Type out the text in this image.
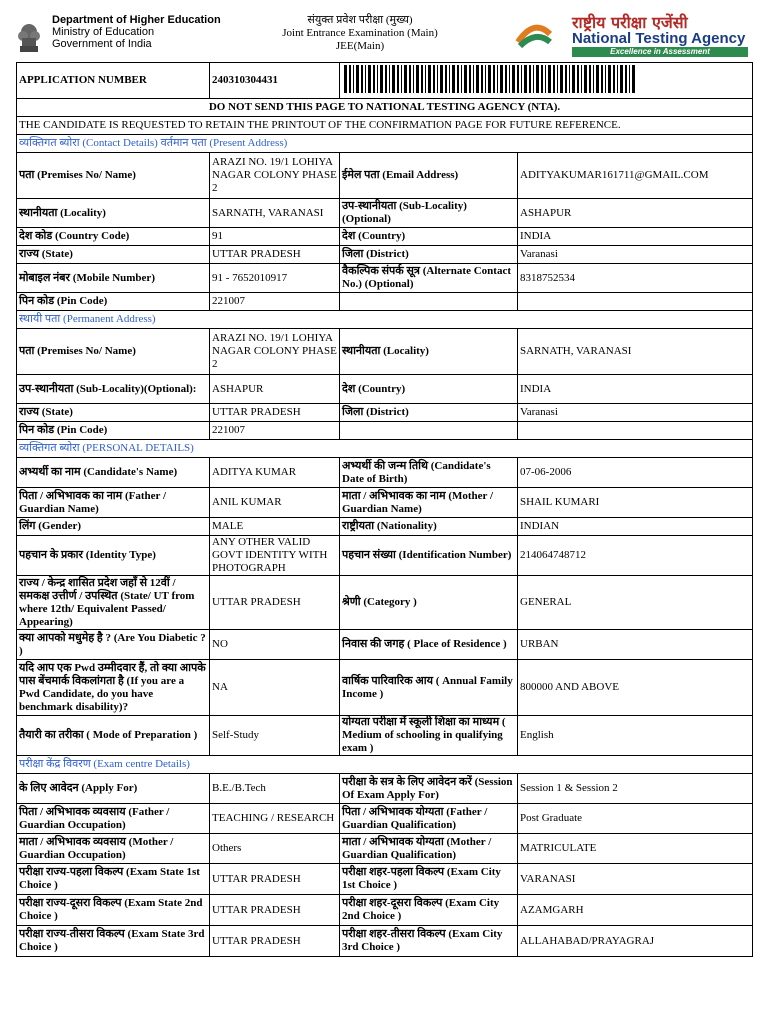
Department of Higher Education
Ministry of Education
Government of India
संयुक्त प्रवेश परीक्षा (मुख्य)
Joint Entrance Examination (Main)
JEE(Main)
राष्ट्रीय परीक्षा एजेंसी
National Testing Agency
Excellence in Assessment
APPLICATION NUMBER	240310304431	
DO NOT SEND THIS PAGE TO NATIONAL TESTING AGENCY (NTA).			
THE CANDIDATE IS REQUESTED TO RETAIN THE PRINTOUT OF THE CONFIRMATION PAGE FOR FUTURE REFERENCE.			
व्यक्तिगत ब्योरा (Contact Details) वर्तमान पता (Present Address)			
पता (Premises No/ Name)	ARAZI NO. 19/1 LOHIYA NAGAR COLONY PHASE 2	ईमेल पता (Email Address)	ADITYAKUMAR161711@GMAIL.COM
स्थानीयता (Locality)	SARNATH, VARANASI	उप-स्थानीयता (Sub-Locality)(Optional)	ASHAPUR
देश कोड (Country Code)	91	देश (Country)	INDIA
राज्य (State)	UTTAR PRADESH	जिला (District)	Varanasi
मोबाइल नंबर (Mobile Number)	91 - 7652010917	वैकल्पिक संपर्क सूत्र (Alternate Contact No.) (Optional)	8318752534
पिन कोड (Pin Code)	221007		
स्थायी पता (Permanent Address)			
पता (Premises No/ Name)	ARAZI NO. 19/1 LOHIYA NAGAR COLONY PHASE 2	स्थानीयता (Locality)	SARNATH, VARANASI
उप-स्थानीयता (Sub-Locality)(Optional):	ASHAPUR	देश (Country)	INDIA
राज्य (State)	UTTAR PRADESH	जिला (District)	Varanasi
पिन कोड (Pin Code)	221007		
व्यक्तिगत ब्योरा (PERSONAL DETAILS)			
अभ्यर्थी का नाम (Candidate's Name)	ADITYA KUMAR	अभ्यर्थी की जन्म तिथि (Candidate's Date of Birth)	07-06-2006
पिता / अभिभावक का नाम (Father / Guardian Name)	ANIL KUMAR	माता / अभिभावक का नाम (Mother / Guardian Name)	SHAIL KUMARI
लिंग (Gender)	MALE	राष्ट्रीयता (Nationality)	INDIAN
पहचान के प्रकार (Identity Type)	ANY OTHER VALID GOVT IDENTITY WITH PHOTOGRAPH	पहचान संख्या (Identification Number)	214064748712
राज्य / केन्द्र शासित प्रदेश जहाँ से 12वीं / समकक्ष उत्तीर्ण / उपस्थित (State/ UT from where 12th/ Equivalent Passed/ Appearing)	UTTAR PRADESH	श्रेणी (Category )	GENERAL
क्या आपको मधुमेह है ? (Are You Diabetic ? )	NO	निवास की जगह ( Place of Residence )	URBAN
यदि आप एक Pwd उम्मीदवार हैं, तो क्या आपके पास बेंचमार्क विकलांगता है (If you are a Pwd Candidate, do you have benchmark disability)?	NA	वार्षिक पारिवारिक आय ( Annual Family Income )	800000 AND ABOVE
तैयारी का तरीका ( Mode of Preparation )	Self-Study	योग्यता परीक्षा में स्कूली शिक्षा का माध्यम ( Medium of schooling in qualifying exam )	English
परीक्षा केंद्र विवरण (Exam centre Details)			
के लिए आवेदन (Apply For)	B.E./B.Tech	परीक्षा के सत्र के लिए आवेदन करें (Session Of Exam Apply For)	Session 1 & Session 2
पिता / अभिभावक व्यवसाय (Father / Guardian Occupation)	TEACHING / RESEARCH	पिता / अभिभावक योग्यता (Father / Guardian Qualification)	Post Graduate
माता / अभिभावक व्यवसाय (Mother / Guardian Occupation)	Others	माता / अभिभावक योग्यता (Mother / Guardian Qualification)	MATRICULATE
परीक्षा राज्य-पहला विकल्प (Exam State 1st Choice )	UTTAR PRADESH	परीक्षा शहर-पहला विकल्प (Exam City 1st Choice )	VARANASI
परीक्षा राज्य-दूसरा विकल्प (Exam State 2nd Choice )	UTTAR PRADESH	परीक्षा शहर-दूसरा विकल्प (Exam City 2nd Choice )	AZAMGARH
परीक्षा राज्य-तीसरा विकल्प (Exam State 3rd Choice )	UTTAR PRADESH	परीक्षा शहर-तीसरा विकल्प (Exam City 3rd Choice )	ALLAHABAD/PRAYAGRAJ
